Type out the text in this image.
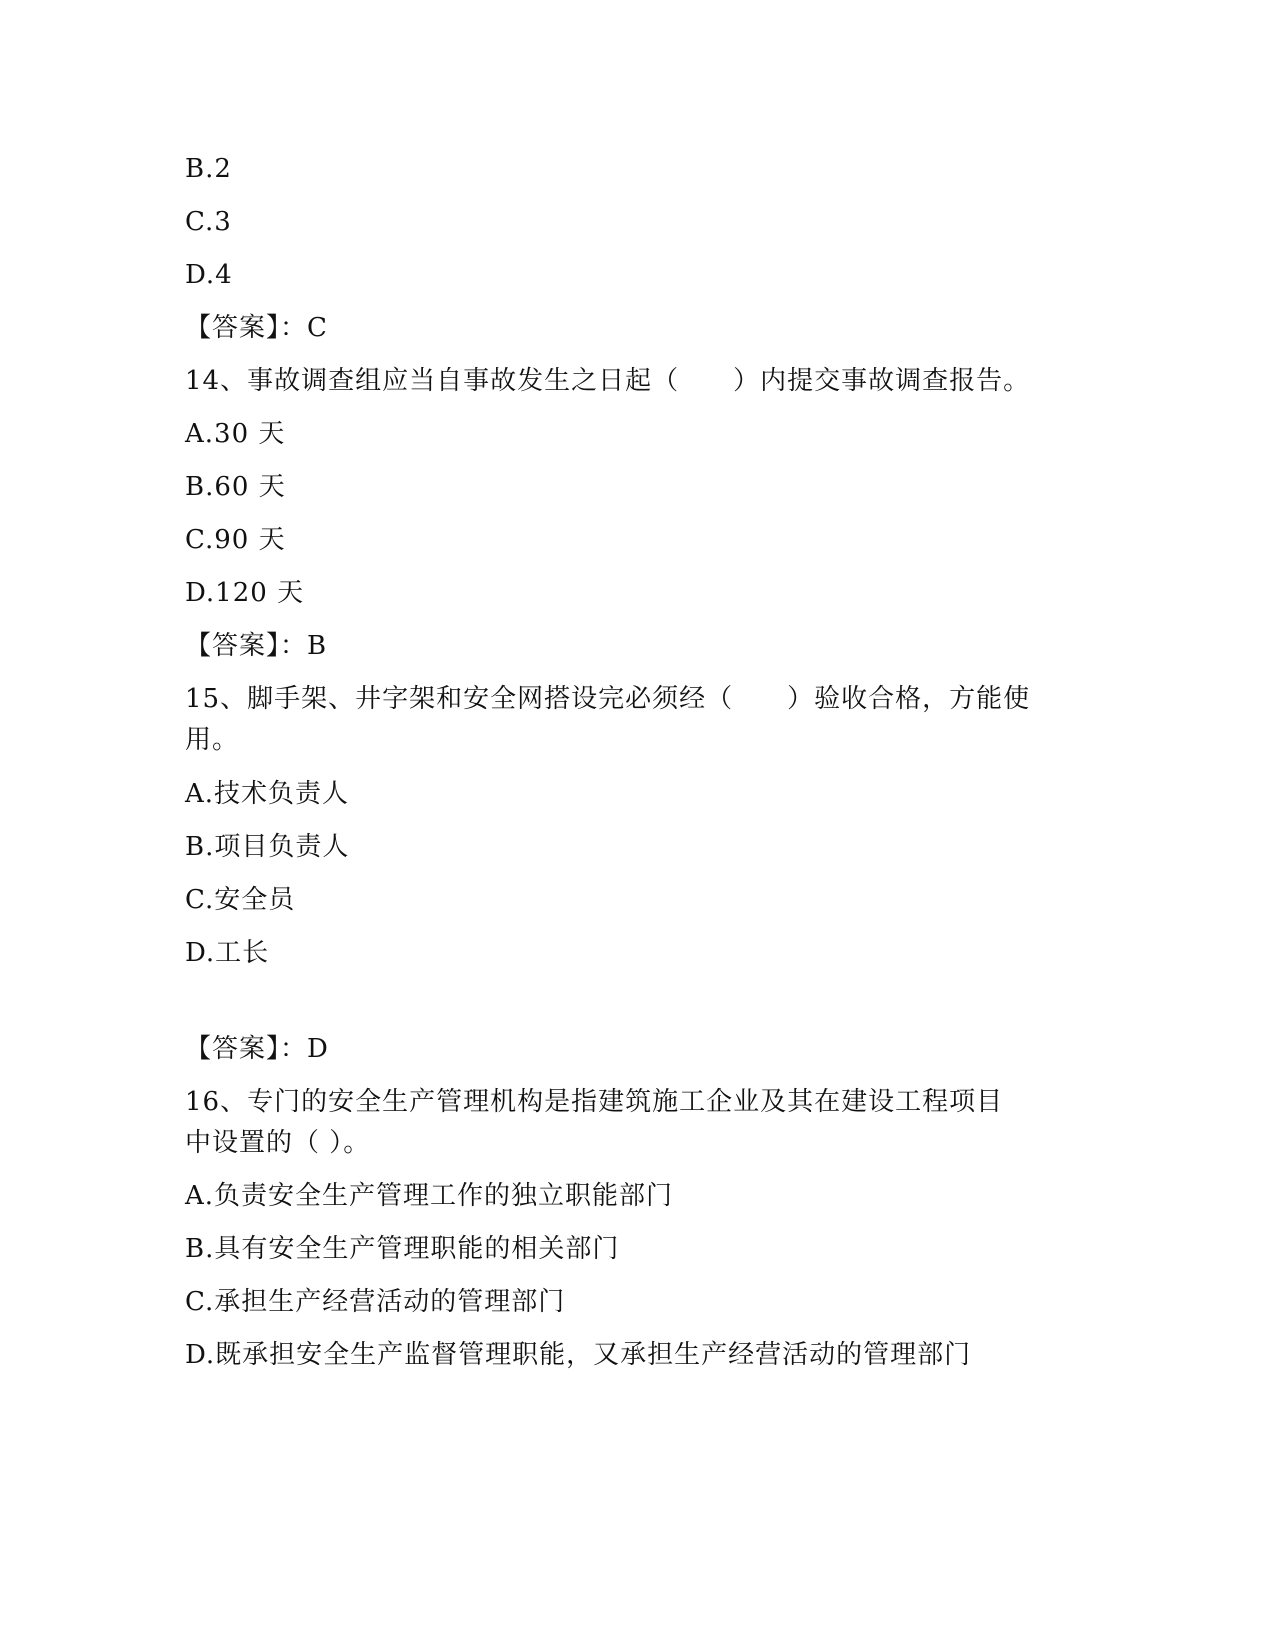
B.2
C.3
D.4
【答案】：C
14、事故调查组应当自事故发生之日起（　　）内提交事故调查报告。
A.30 天
B.60 天
C.90 天
D.120 天
【答案】：B
15、脚手架、井字架和安全网搭设完必须经（　　）验收合格，方能使
用。
A.技术负责人
B.项目负责人
C.安全员
D.工长
【答案】：D
16、专门的安全生产管理机构是指建筑施工企业及其在建设工程项目
中设置的（ ）。
A.负责安全生产管理工作的独立职能部门
B.具有安全生产管理职能的相关部门
C.承担生产经营活动的管理部门
D.既承担安全生产监督管理职能，又承担生产经营活动的管理部门
